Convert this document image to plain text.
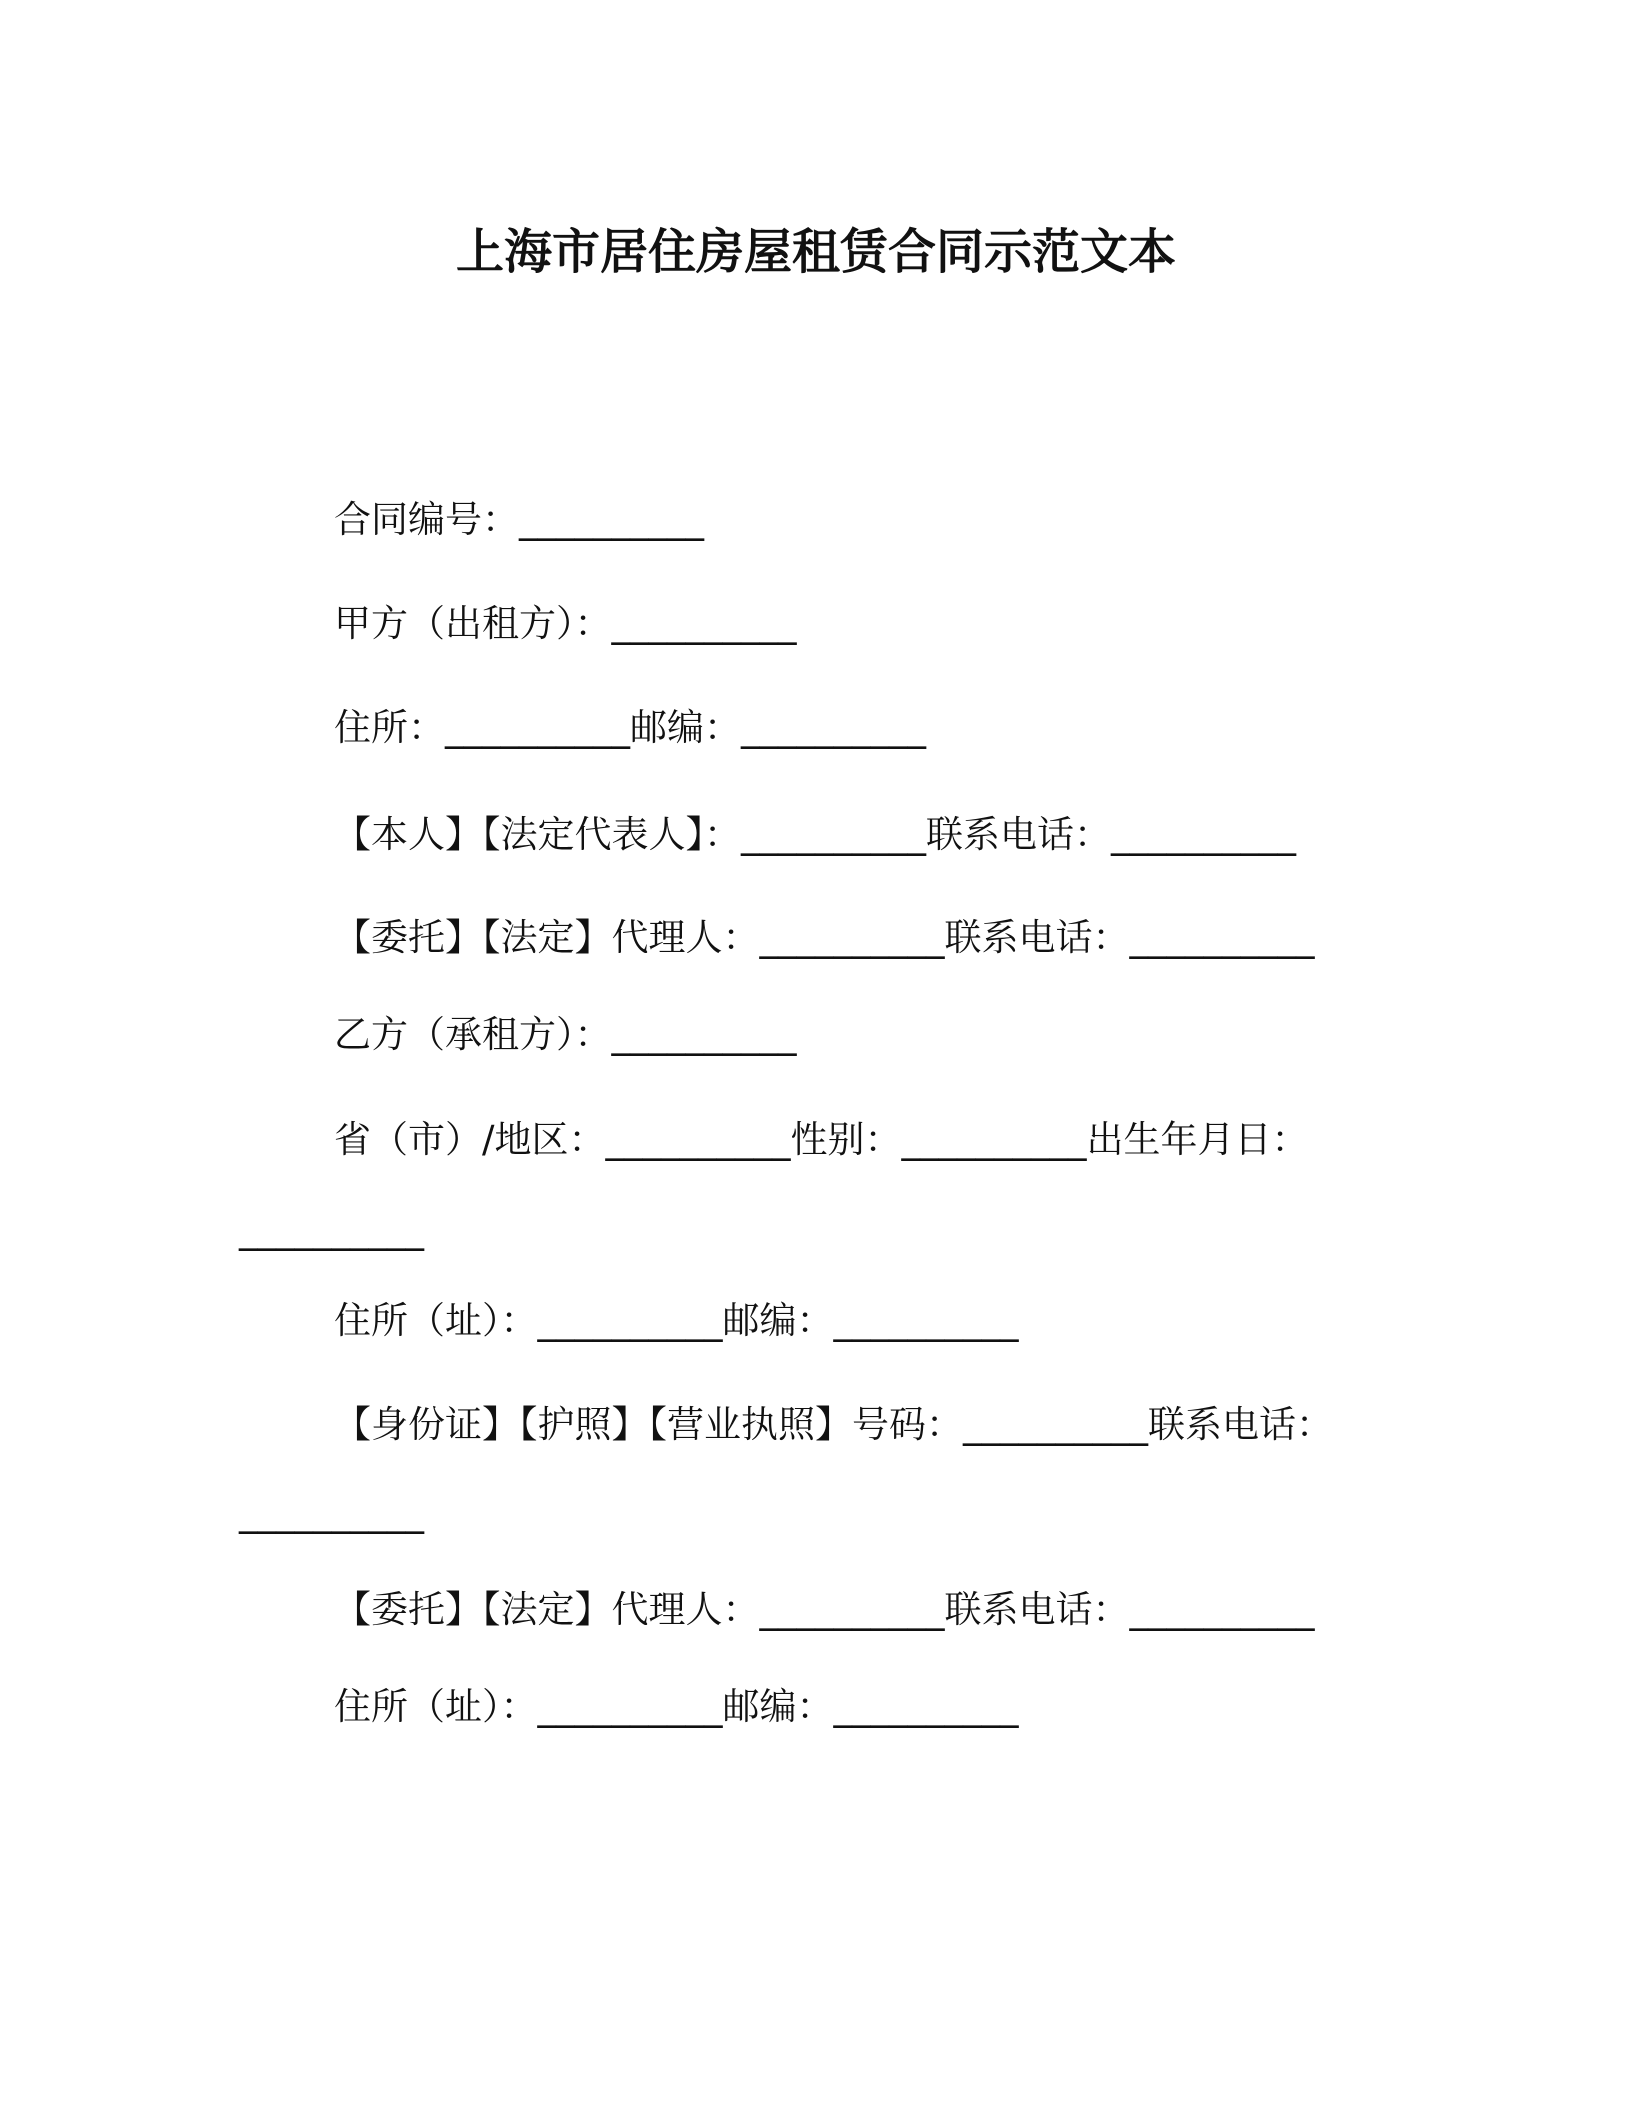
上海市居住房屋租赁合同示范文本
合同编号：__________
甲方（出租方）：__________
住所：__________邮编：__________
【本人】【法定代表人】：__________联系电话：__________
【委托】【法定】代理人：__________联系电话：__________
乙方（承租方）：__________
省（市）/地区：__________性别：__________出生年月日：
__________
住所（址）：__________邮编：__________
【身份证】【护照】【营业执照】号码：__________联系电话：
__________
【委托】【法定】代理人：__________联系电话：__________
住所（址）：__________邮编：__________
